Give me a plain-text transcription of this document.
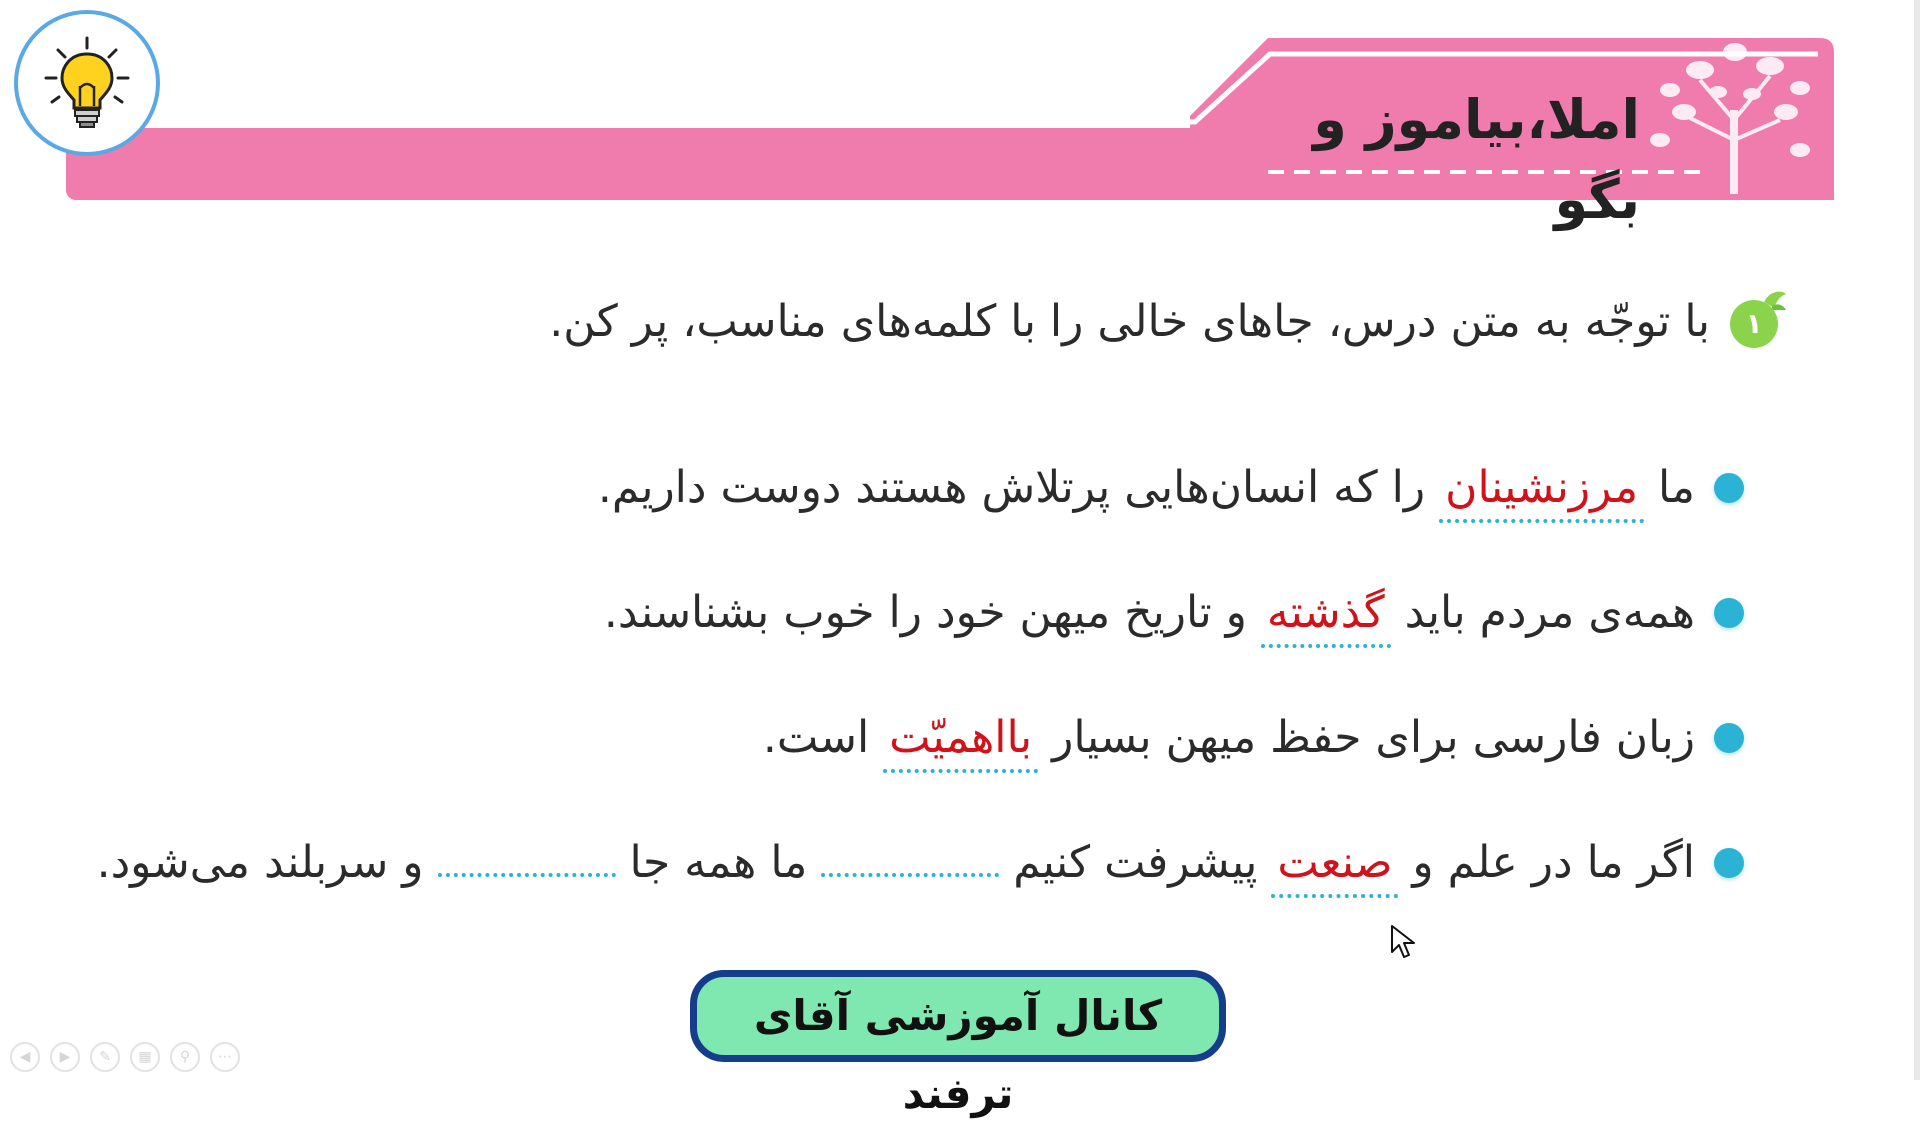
املا،بیاموز و بگو
۱
با توجّه به متن درس، جاهای خالی را با کلمه‌های مناسب، پر کن.
ما مرزنشینان را که انسان‌هایی پرتلاش هستند دوست داریم.
همه‌ی مردم باید گذشته و تاریخ میهن خود را خوب بشناسند.
زبان فارسی برای حفظ میهن بسیار بااهمیّت است.
اگر ما در علم و صنعت پیشرفت کنیم  ما همه جا  و سربلند می‌شود.
کانال آموزشی آقای ترفند
◀	▶	✎	▦	⚲	⋯
